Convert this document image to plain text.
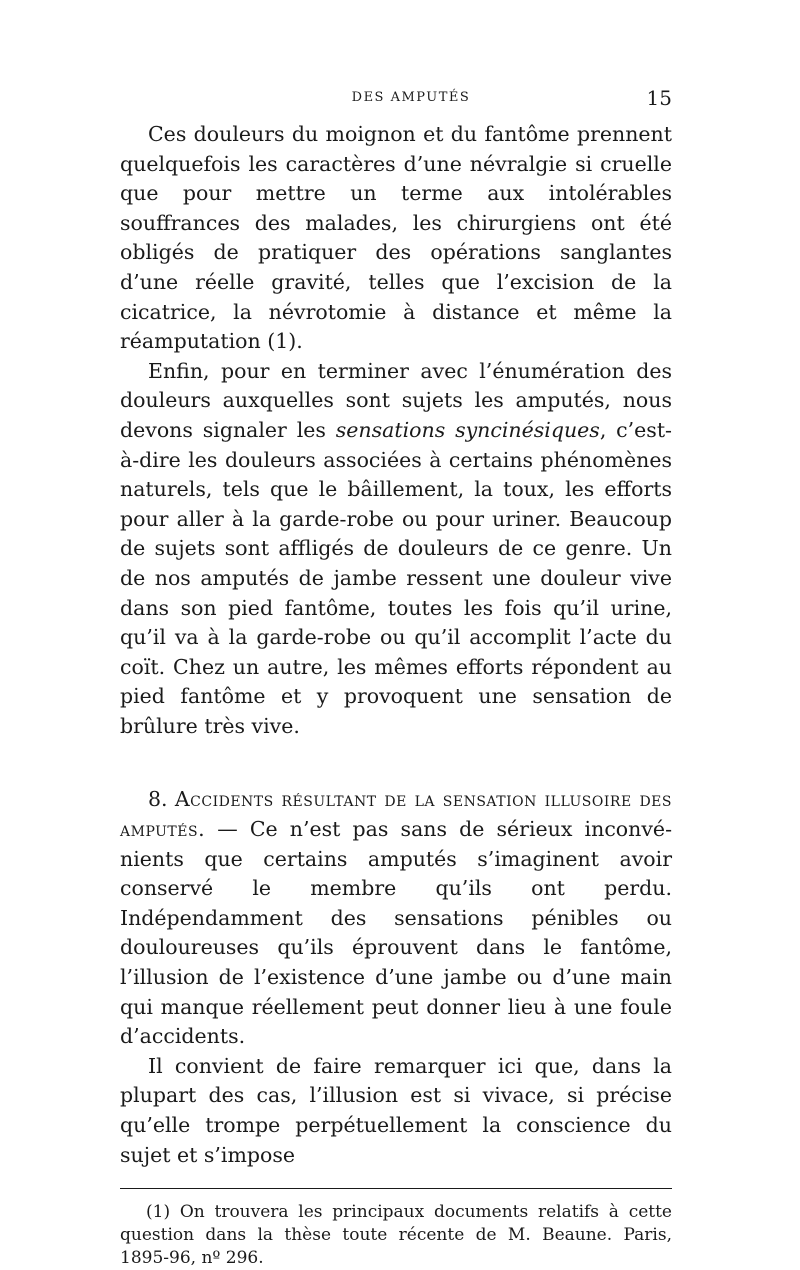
DES AMPUTÉS	15

Ces douleurs du moignon et du fantôme prennent quelquefois les caractères d’une névralgie si cruelle que pour mettre un terme aux intolérables souffrances des malades, les chirurgiens ont été obligés de pratiquer des opérations sanglantes d’une réelle gravité, telles que l’excision de la cicatrice, la névrotomie à distance et même la réamputation (1).

Enfin, pour en terminer avec l’énumération des douleurs auxquelles sont sujets les amputés, nous devons signaler les sensations syncinésiques, c’est-à-dire les douleurs associées à certains phénomènes naturels, tels que le bâillement, la toux, les efforts pour aller à la garde-robe ou pour uriner. Beaucoup de sujets sont affligés de douleurs de ce genre. Un de nos amputés de jambe ressent une douleur vive dans son pied fantôme, toutes les fois qu’il urine, qu’il va à la garde-robe ou qu’il accomplit l’acte du coït. Chez un autre, les mêmes efforts répondent au pied fantôme et y provoquent une sensation de brûlure très vive.

8. Accidents résultant de la sensation illusoire des amputés. — Ce n’est pas sans de sérieux inconvénients que certains amputés s’imaginent avoir conservé le membre qu’ils ont perdu. Indépendamment des sensations pénibles ou douloureuses qu’ils éprouvent dans le fantôme, l’illusion de l’existence d’une jambe ou d’une main qui manque réellement peut donner lieu à une foule d’accidents.

Il convient de faire remarquer ici que, dans la plupart des cas, l’illusion est si vivace, si précise qu’elle trompe perpétuellement la conscience du sujet et s’impose

(1) On trouvera les principaux documents relatifs à cette question dans la thèse toute récente de M. Beaune. Paris, 1895-96, nº 296.
